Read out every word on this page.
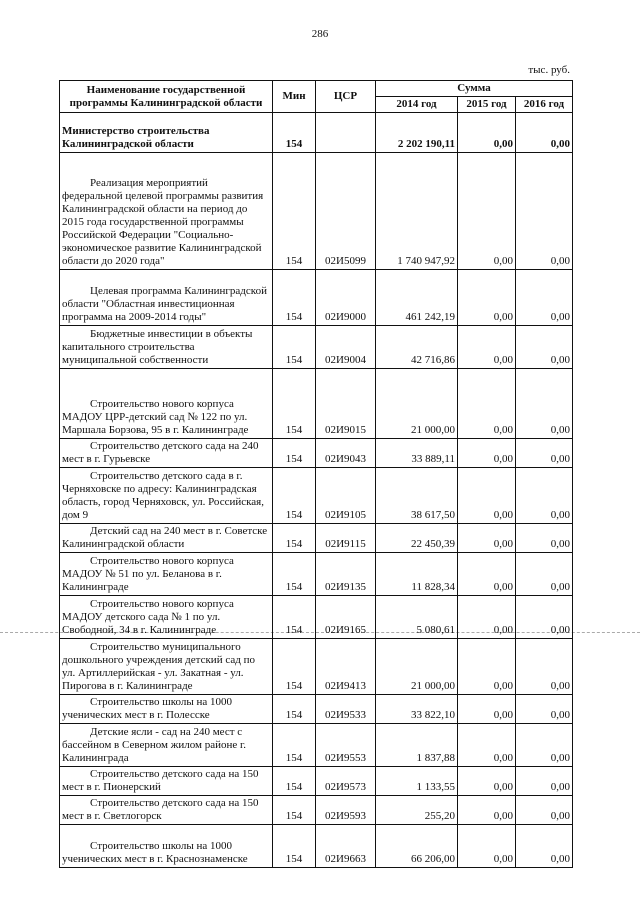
286
тыс. руб.
Наименование государственной программы Калининградской области	Мин	ЦСР	Сумма		
			2014 год	2015 год	2016 год
Министерство строительства Калининградской области	154		2 202 190,11	0,00	0,00
Реализация мероприятий федеральной целевой программы развития Калининградской области на период до 2015 года государственной программы Российской Федерации "Социально-экономическое развитие Калининградской области до 2020 года"	154	02И5099	1 740 947,92	0,00	0,00
Целевая программа Калининградской области "Областная инвестиционная программа на 2009-2014 годы"	154	02И9000	461 242,19	0,00	0,00
Бюджетные инвестиции в объекты капитального строительства муниципальной собственности	154	02И9004	42 716,86	0,00	0,00
Строительство нового корпуса МАДОУ ЦРР-детский сад № 122 по ул. Маршала Борзова, 95 в г. Калининграде	154	02И9015	21 000,00	0,00	0,00
Строительство детского сада на 240 мест в г. Гурьевске	154	02И9043	33 889,11	0,00	0,00
Строительство детского сада в г. Черняховске по адресу: Калининградская область, город Черняховск, ул. Российская, дом 9	154	02И9105	38 617,50	0,00	0,00
Детский сад на 240 мест в г. Советске Калининградской области	154	02И9115	22 450,39	0,00	0,00
Строительство нового корпуса МАДОУ № 51 по ул. Беланова в г. Калининграде	154	02И9135	11 828,34	0,00	0,00
Строительство нового корпуса МАДОУ детского сада № 1 по ул. Свободной, 34 в г. Калининграде	154	02И9165	5 080,61	0,00	0,00
Строительство муниципального дошкольного учреждения детский сад по ул. Артиллерийская - ул. Закатная - ул. Пирогова в г. Калининграде	154	02И9413	21 000,00	0,00	0,00
Строительство школы на 1000 ученических мест в г. Полесске	154	02И9533	33 822,10	0,00	0,00
Детские ясли - сад на 240 мест с бассейном в Северном жилом районе г. Калининграда	154	02И9553	1 837,88	0,00	0,00
Строительство детского сада на 150 мест в г. Пионерский	154	02И9573	1 133,55	0,00	0,00
Строительство детского сада на 150 мест в г. Светлогорск	154	02И9593	255,20	0,00	0,00
Строительство школы на 1000 ученических мест в г. Краснознаменске	154	02И9663	66 206,00	0,00	0,00
